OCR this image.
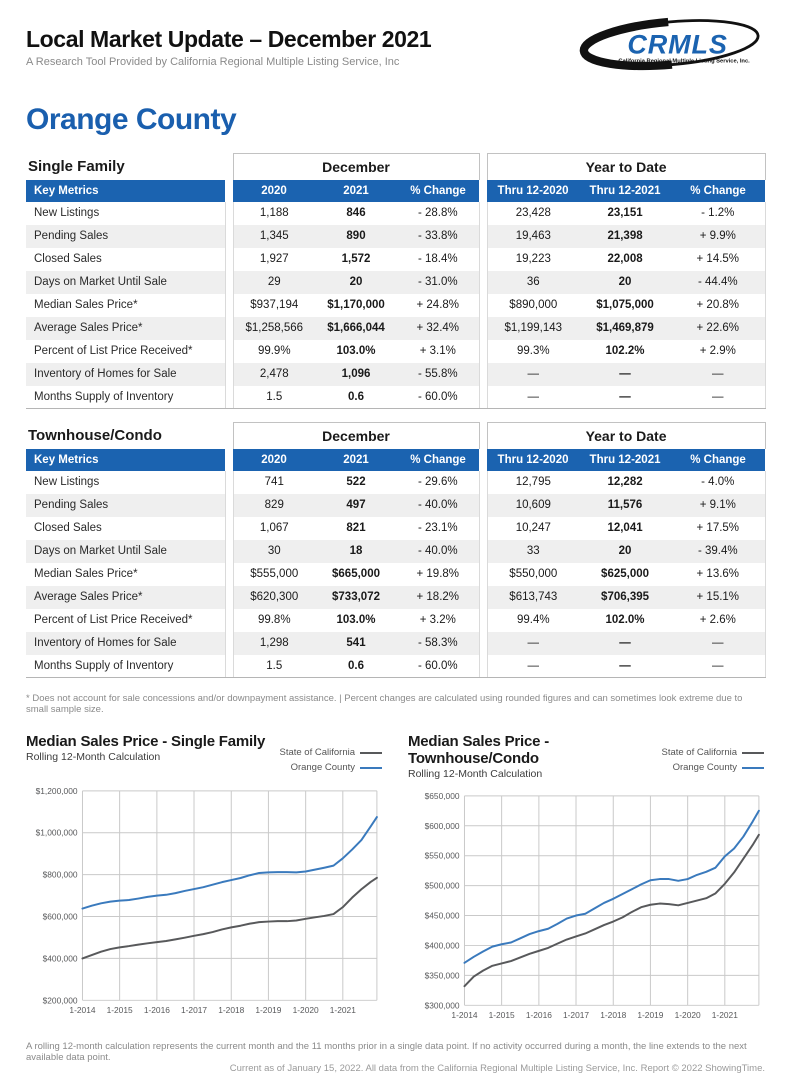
Local Market Update – December 2021
A Research Tool Provided by California Regional Multiple Listing Service, Inc
CRMLS
California Regional Multiple Listing Service, Inc.
Orange County
Single Family		December				Year to Date		
Key Metrics		2020	2021	% Change		Thru 12-2020	Thru 12-2021	% Change
New Listings		1,188	846	- 28.8%		23,428	23,151	- 1.2%
Pending Sales		1,345	890	- 33.8%		19,463	21,398	+ 9.9%
Closed Sales		1,927	1,572	- 18.4%		19,223	22,008	+ 14.5%
Days on Market Until Sale		29	20	- 31.0%		36	20	- 44.4%
Median Sales Price*		$937,194	$1,170,000	+ 24.8%		$890,000	$1,075,000	+ 20.8%
Average Sales Price*		$1,258,566	$1,666,044	+ 32.4%		$1,199,143	$1,469,879	+ 22.6%
Percent of List Price Received*		99.9%	103.0%	+ 3.1%		99.3%	102.2%	+ 2.9%
Inventory of Homes for Sale		2,478	1,096	- 55.8%		—	—	—
Months Supply of Inventory		1.5	0.6	- 60.0%		—	—	—
Townhouse/Condo		December				Year to Date		
Key Metrics		2020	2021	% Change		Thru 12-2020	Thru 12-2021	% Change
New Listings		741	522	- 29.6%		12,795	12,282	- 4.0%
Pending Sales		829	497	- 40.0%		10,609	11,576	+ 9.1%
Closed Sales		1,067	821	- 23.1%		10,247	12,041	+ 17.5%
Days on Market Until Sale		30	18	- 40.0%		33	20	- 39.4%
Median Sales Price*		$555,000	$665,000	+ 19.8%		$550,000	$625,000	+ 13.6%
Average Sales Price*		$620,300	$733,072	+ 18.2%		$613,743	$706,395	+ 15.1%
Percent of List Price Received*		99.8%	103.0%	+ 3.2%		99.4%	102.0%	+ 2.6%
Inventory of Homes for Sale		1,298	541	- 58.3%		—	—	—
Months Supply of Inventory		1.5	0.6	- 60.0%		—	—	—
* Does not account for sale concessions and/or downpayment assistance. | Percent changes are calculated using rounded figures and can sometimes look extreme due to small sample size.
Median Sales Price - Single Family
Rolling 12-Month Calculation	State of California
Orange County
$200,000
$400,000
$600,000
$800,000
$1,000,000
$1,200,000
1-2014 1-2015 1-2016 1-2017 1-2018 1-2019 1-2020 1-2021
Median Sales Price - Townhouse/Condo
Rolling 12-Month Calculation
State of California
Orange County
$300,000
$350,000
$400,000
$450,000
$500,000
$550,000
$600,000
$650,000
1-2014 1-2015 1-2016 1-2017 1-2018 1-2019 1-2020 1-2021
A rolling 12-month calculation represents the current month and the 11 months prior in a single data point. If no activity occurred during a month, the line extends to the next available data point.
Current as of January 15, 2022. All data from the California Regional Multiple Listing Service, Inc. Report © 2022 ShowingTime.
